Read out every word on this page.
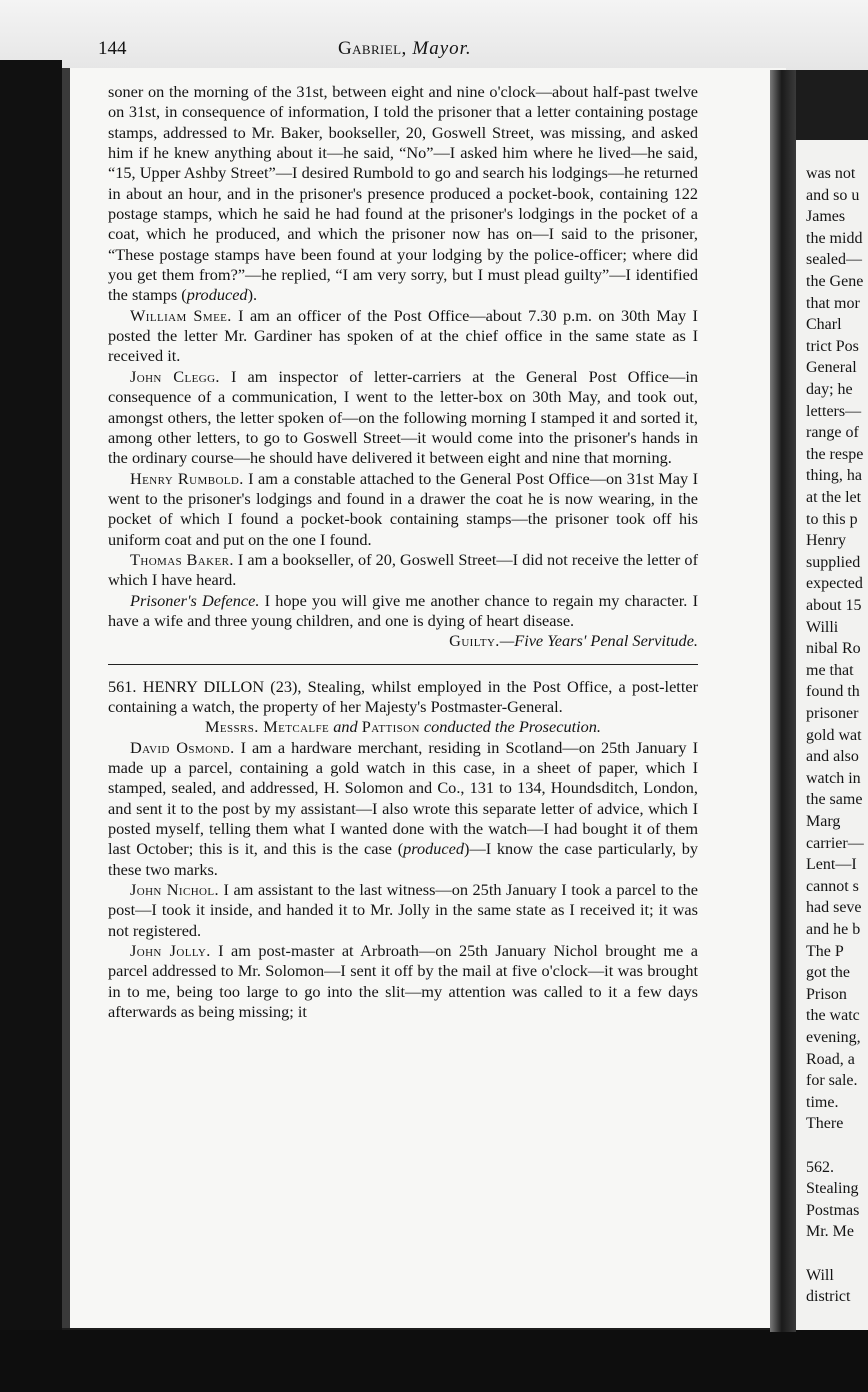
144	Gabriel, Mayor.

soner on the morning of the 31st, between eight and nine o'clock—about half-past twelve on 31st, in consequence of information, I told the prisoner that a letter containing postage stamps, addressed to Mr. Baker, bookseller, 20, Goswell Street, was missing, and asked him if he knew anything about it—he said, “No”—I asked him where he lived—he said, “15, Upper Ashby Street”—I desired Rumbold to go and search his lodgings—he returned in about an hour, and in the prisoner's presence produced a pocket-book, containing 122 postage stamps, which he said he had found at the prisoner's lodgings in the pocket of a coat, which he produced, and which the prisoner now has on—I said to the prisoner, “These postage stamps have been found at your lodging by the police-officer; where did you get them from?”—he replied, “I am very sorry, but I must plead guilty”—I identified the stamps (produced).

William Smee. I am an officer of the Post Office—about 7.30 p.m. on 30th May I posted the letter Mr. Gardiner has spoken of at the chief office in the same state as I received it.

John Clegg. I am inspector of letter-carriers at the General Post Office—in consequence of a communication, I went to the letter-box on 30th May, and took out, amongst others, the letter spoken of—on the following morning I stamped it and sorted it, among other letters, to go to Goswell Street—it would come into the prisoner's hands in the ordinary course—he should have delivered it between eight and nine that morning.

Henry Rumbold. I am a constable attached to the General Post Office—on 31st May I went to the prisoner's lodgings and found in a drawer the coat he is now wearing, in the pocket of which I found a pocket-book containing stamps—the prisoner took off his uniform coat and put on the one I found.

Thomas Baker. I am a bookseller, of 20, Goswell Street—I did not receive the letter of which I have heard.

Prisoner's Defence. I hope you will give me another chance to regain my character. I have a wife and three young children, and one is dying of heart disease.

Guilty.—Five Years' Penal Servitude.

561. HENRY DILLON (23), Stealing, whilst employed in the Post Office, a post-letter containing a watch, the property of her Majesty's Postmaster-General.

Messrs. Metcalfe and Pattison conducted the Prosecution.

David Osmond. I am a hardware merchant, residing in Scotland—on 25th January I made up a parcel, containing a gold watch in this case, in a sheet of paper, which I stamped, sealed, and addressed, H. Solomon and Co., 131 to 134, Houndsditch, London, and sent it to the post by my assistant—I also wrote this separate letter of advice, which I posted myself, telling them what I wanted done with the watch—I had bought it of them last October; this is it, and this is the case (produced)—I know the case particularly, by these two marks.

John Nichol. I am assistant to the last witness—on 25th January I took a parcel to the post—I took it inside, and handed it to Mr. Jolly in the same state as I received it; it was not registered.

John Jolly. I am post-master at Arbroath—on 25th January Nichol brought me a parcel addressed to Mr. Solomon—I sent it off by the mail at five o'clock—it was brought in to me, being too large to go into the slit—my attention was called to it a few days afterwards as being missing; it

was not
and so u
James
the midd
sealed—
the Gene
that mor
Charl
trict Pos
General
day; he
letters—
range of
the respe
thing, ha
at the let
to this p
Henry
supplied
expected
about 15
Willi
nibal Ro
me that
found th
prisoner
gold wat
and also
watch in
the same
Marg
carrier—
Lent—I
cannot s
had seve
and he b
The P
got the
Prison
the watc
evening,
Road, a
for sale.
time.
There
562.
Stealing
Postmas
Mr. Me
Will
district
